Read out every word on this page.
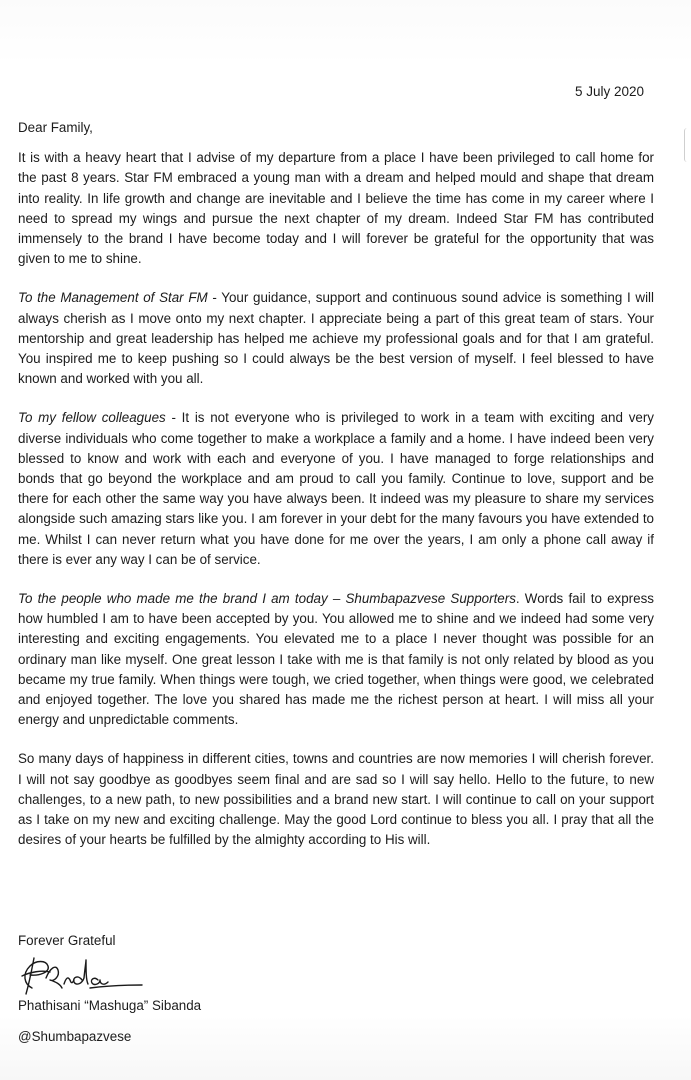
5 July 2020

Dear Family,

It is with a heavy heart that I advise of my departure from a place I have been privileged to call home for the past 8 years. Star FM embraced a young man with a dream and helped mould and shape that dream into reality. In life growth and change are inevitable and I believe the time has come in my career where I need to spread my wings and pursue the next chapter of my dream. Indeed Star FM has contributed immensely to the brand I have become today and I will forever be grateful for the opportunity that was given to me to shine.

To the Management of Star FM - Your guidance, support and continuous sound advice is something I will always cherish as I move onto my next chapter. I appreciate being a part of this great team of stars. Your mentorship and great leadership has helped me achieve my professional goals and for that I am grateful. You inspired me to keep pushing so I could always be the best version of myself. I feel blessed to have known and worked with you all.

To my fellow colleagues - It is not everyone who is privileged to work in a team with exciting and very diverse individuals who come together to make a workplace a family and a home. I have indeed been very blessed to know and work with each and everyone of you. I have managed to forge relationships and bonds that go beyond the workplace and am proud to call you family. Continue to love, support and be there for each other the same way you have always been. It indeed was my pleasure to share my services alongside such amazing stars like you. I am forever in your debt for the many favours you have extended to me. Whilst I can never return what you have done for me over the years, I am only a phone call away if there is ever any way I can be of service.

To the people who made me the brand I am today – Shumbapazvese Supporters. Words fail to express how humbled I am to have been accepted by you. You allowed me to shine and we indeed had some very interesting and exciting engagements. You elevated me to a place I never thought was possible for an ordinary man like myself. One great lesson I take with me is that family is not only related by blood as you became my true family. When things were tough, we cried together, when things were good, we celebrated and enjoyed together. The love you shared has made me the richest person at heart. I will miss all your energy and unpredictable comments.

So many days of happiness in different cities, towns and countries are now memories I will cherish forever. I will not say goodbye as goodbyes seem final and are sad so I will say hello. Hello to the future, to new challenges, to a new path, to new possibilities and a brand new start. I will continue to call on your support as I take on my new and exciting challenge. May the good Lord continue to bless you all. I pray that all the desires of your hearts be fulfilled by the almighty according to His will.

Forever Grateful
Phathisani “Mashuga” Sibanda
@Shumbapazvese
